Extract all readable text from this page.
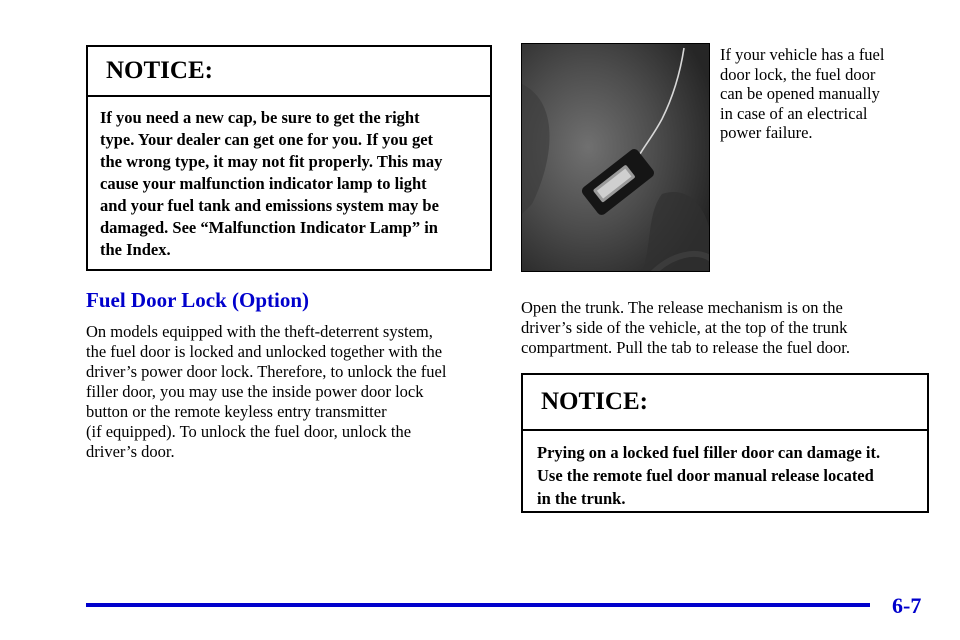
NOTICE:
If you need a new cap, be sure to get the right
type. Your dealer can get one for you. If you get
the wrong type, it may not fit properly. This may
cause your malfunction indicator lamp to light
and your fuel tank and emissions system may be
damaged. See “Malfunction Indicator Lamp” in
the Index.
Fuel Door Lock (Option)
On models equipped with the theft-deterrent system,
the fuel door is locked and unlocked together with the
driver’s power door lock. Therefore, to unlock the fuel
filler door, you may use the inside power door lock
button or the remote keyless entry transmitter
(if equipped). To unlock the fuel door, unlock the
driver’s door.
If your vehicle has a fuel
door lock, the fuel door
can be opened manually
in case of an electrical
power failure.
Open the trunk. The release mechanism is on the
driver’s side of the vehicle, at the top of the trunk
compartment. Pull the tab to release the fuel door.
NOTICE:
Prying on a locked fuel filler door can damage it.
Use the remote fuel door manual release located
in the trunk.

6-7
